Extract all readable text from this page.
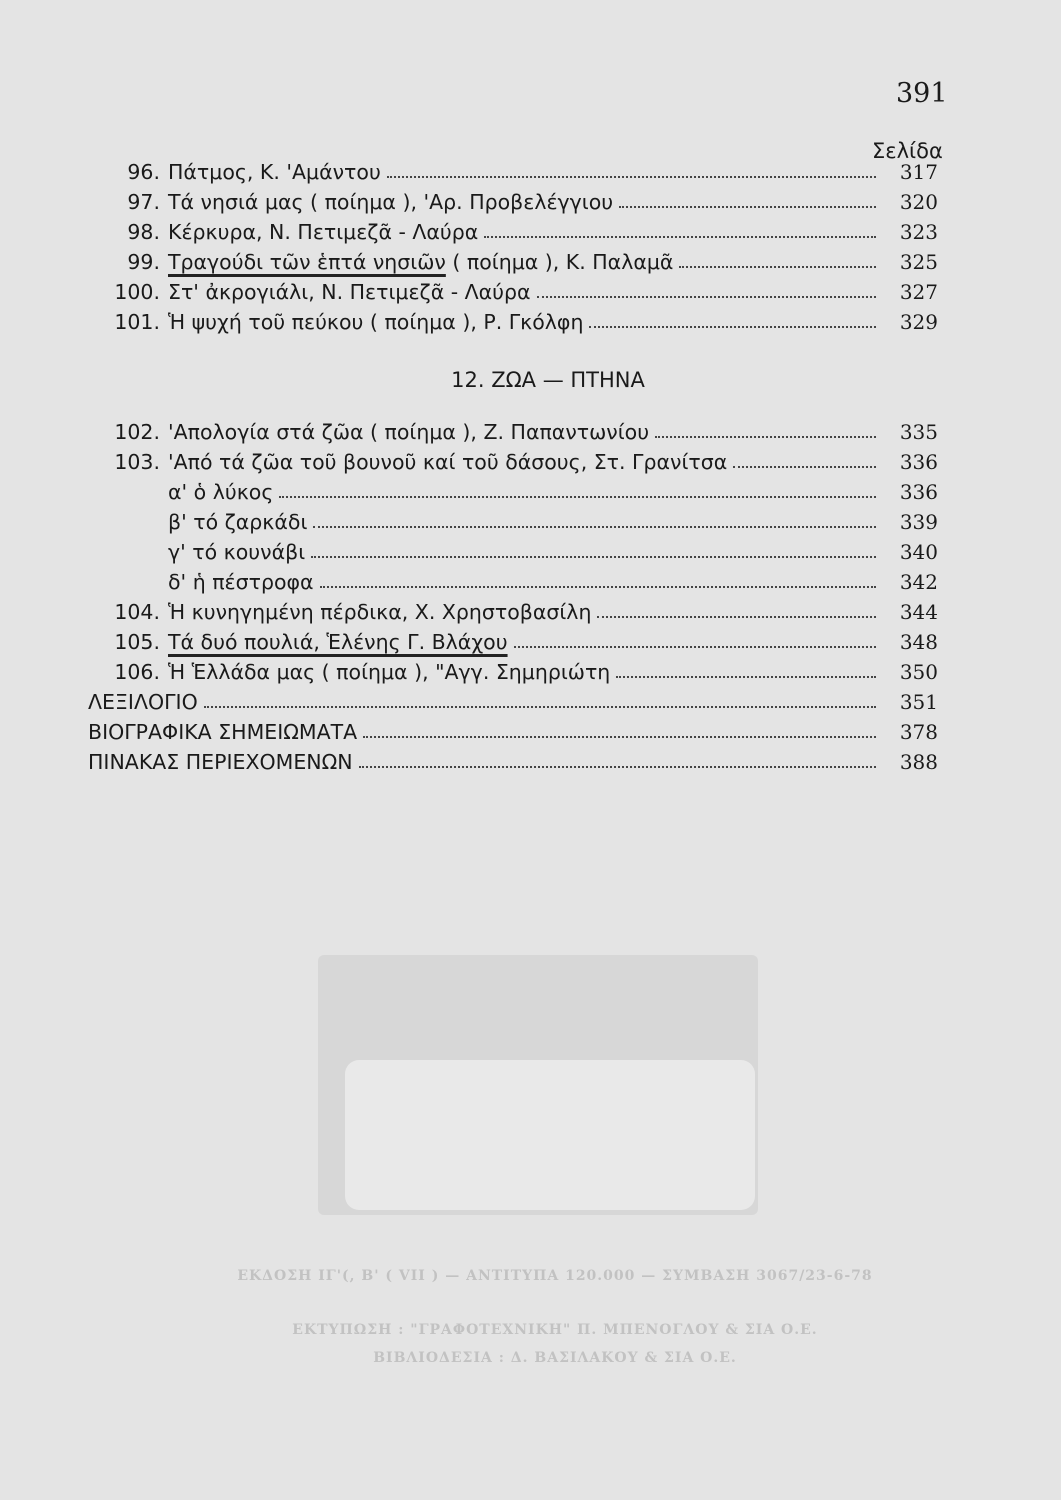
ΕΚΔΟΣΗ ΙΓ'(, Β' ( VII ) — ΑΝΤΙΤΥΠΑ 120.000 — ΣΥΜΒΑΣΗ 3067/23-6-78
ΕΚΤΥΠΩΣΗ : "ΓΡΑΦΟΤΕΧΝΙΚΗ" Π. ΜΠΕΝΟΓΛΟΥ & ΣΙΑ Ο.Ε.
ΒΙΒΛΙΟΔΕΣΙΑ : Δ. ΒΑΣΙΛΑΚΟΥ & ΣΙΑ Ο.Ε.
391
Σελίδα
96. Πάτμος, Κ. 'Αμάντου	317
97. Τά νησιά μας ( ποίημα ), 'Αρ. Προβελέγγιου	320
98. Κέρκυρα, Ν. Πετιμεζᾶ - Λαύρα	323
99. Τραγούδι τῶν ἑπτά νησιῶν ( ποίημα ), Κ. Παλαμᾶ	325
100. Στ' ἀκρογιάλι, Ν. Πετιμεζᾶ - Λαύρα	327
101. Ἡ ψυχή τοῦ πεύκου ( ποίημα ), Ρ. Γκόλφη	329
12. ΖΩΑ — ΠΤΗΝΑ
102. 'Απολογία στά ζῶα ( ποίημα ), Ζ. Παπαντωνίου	335
103. 'Από τά ζῶα τοῦ βουνοῦ καί τοῦ δάσους, Στ. Γρανίτσα	336
α' ὁ λύκος	336
β' τό ζαρκάδι	339
γ' τό κουνάβι	340
δ' ἡ πέστροφα	342
104. Ἡ κυνηγημένη πέρδικα, Χ. Χρηστοβασίλη	344
105. Τά δυό πουλιά, Ἑλένης Γ. Βλάχου	348
106. Ἡ Ἑλλάδα μας ( ποίημα ), "Αγγ. Σημηριώτη	350
ΛΕΞΙΛΟΓΙΟ	351
ΒΙΟΓΡΑΦΙΚΑ ΣΗΜΕΙΩΜΑΤΑ	378
ΠΙΝΑΚΑΣ ΠΕΡΙΕΧΟΜΕΝΩΝ	388
